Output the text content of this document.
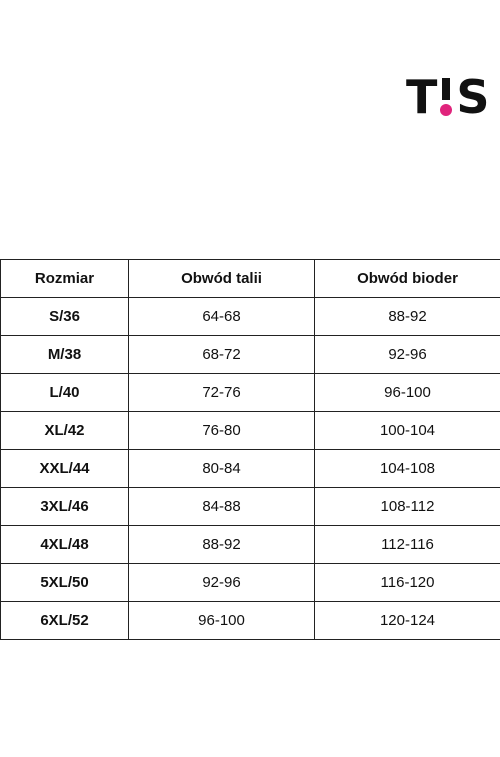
T S
Rozmiar	Obwód talii	Obwód bioder	
S/36	64-68	88-92	
M/38	68-72	92-96	
L/40	72-76	96-100	
XL/42	76-80	100-104	
XXL/44	80-84	104-108	
3XL/46	84-88	108-112	
4XL/48	88-92	112-116	
5XL/50	92-96	116-120	
6XL/52	96-100	120-124	
